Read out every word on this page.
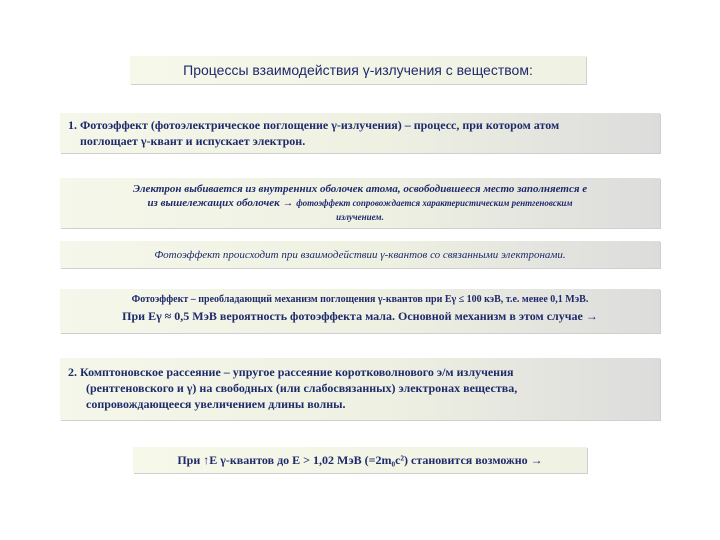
Процессы взаимодействия γ-излучения с веществом:
1. Фотоэффект (фотоэлектрическое поглощение γ-излучения) – процесс, при котором атом
поглощает γ-квант и испускает электрон.
Электрон выбивается из внутренних оболочек атома, освободившееся место заполняется е
из вышележащих оболочек → фотоэффект сопровождается характеристическим рентгеновским
излучением.
Фотоэффект происходит при взаимодействии γ-квантов со связанными электронами.
Фотоэффект – преобладающий механизм поглощения γ-квантов при Eγ ≤ 100 кэВ, т.е. менее 0,1 МэВ.
При Eγ ≈ 0,5 МэВ вероятность фотоэффекта мала. Основной механизм в этом случае →
2. Комптоновское рассеяние – упругое рассеяние коротковолнового э/м излучения
(рентгеновского и γ) на свободных (или слабосвязанных) электронах вещества,
сопровождающееся увеличением длины волны.
При ↑E γ-квантов до E > 1,02 МэВ (=2m₀c²) становится возможно →
